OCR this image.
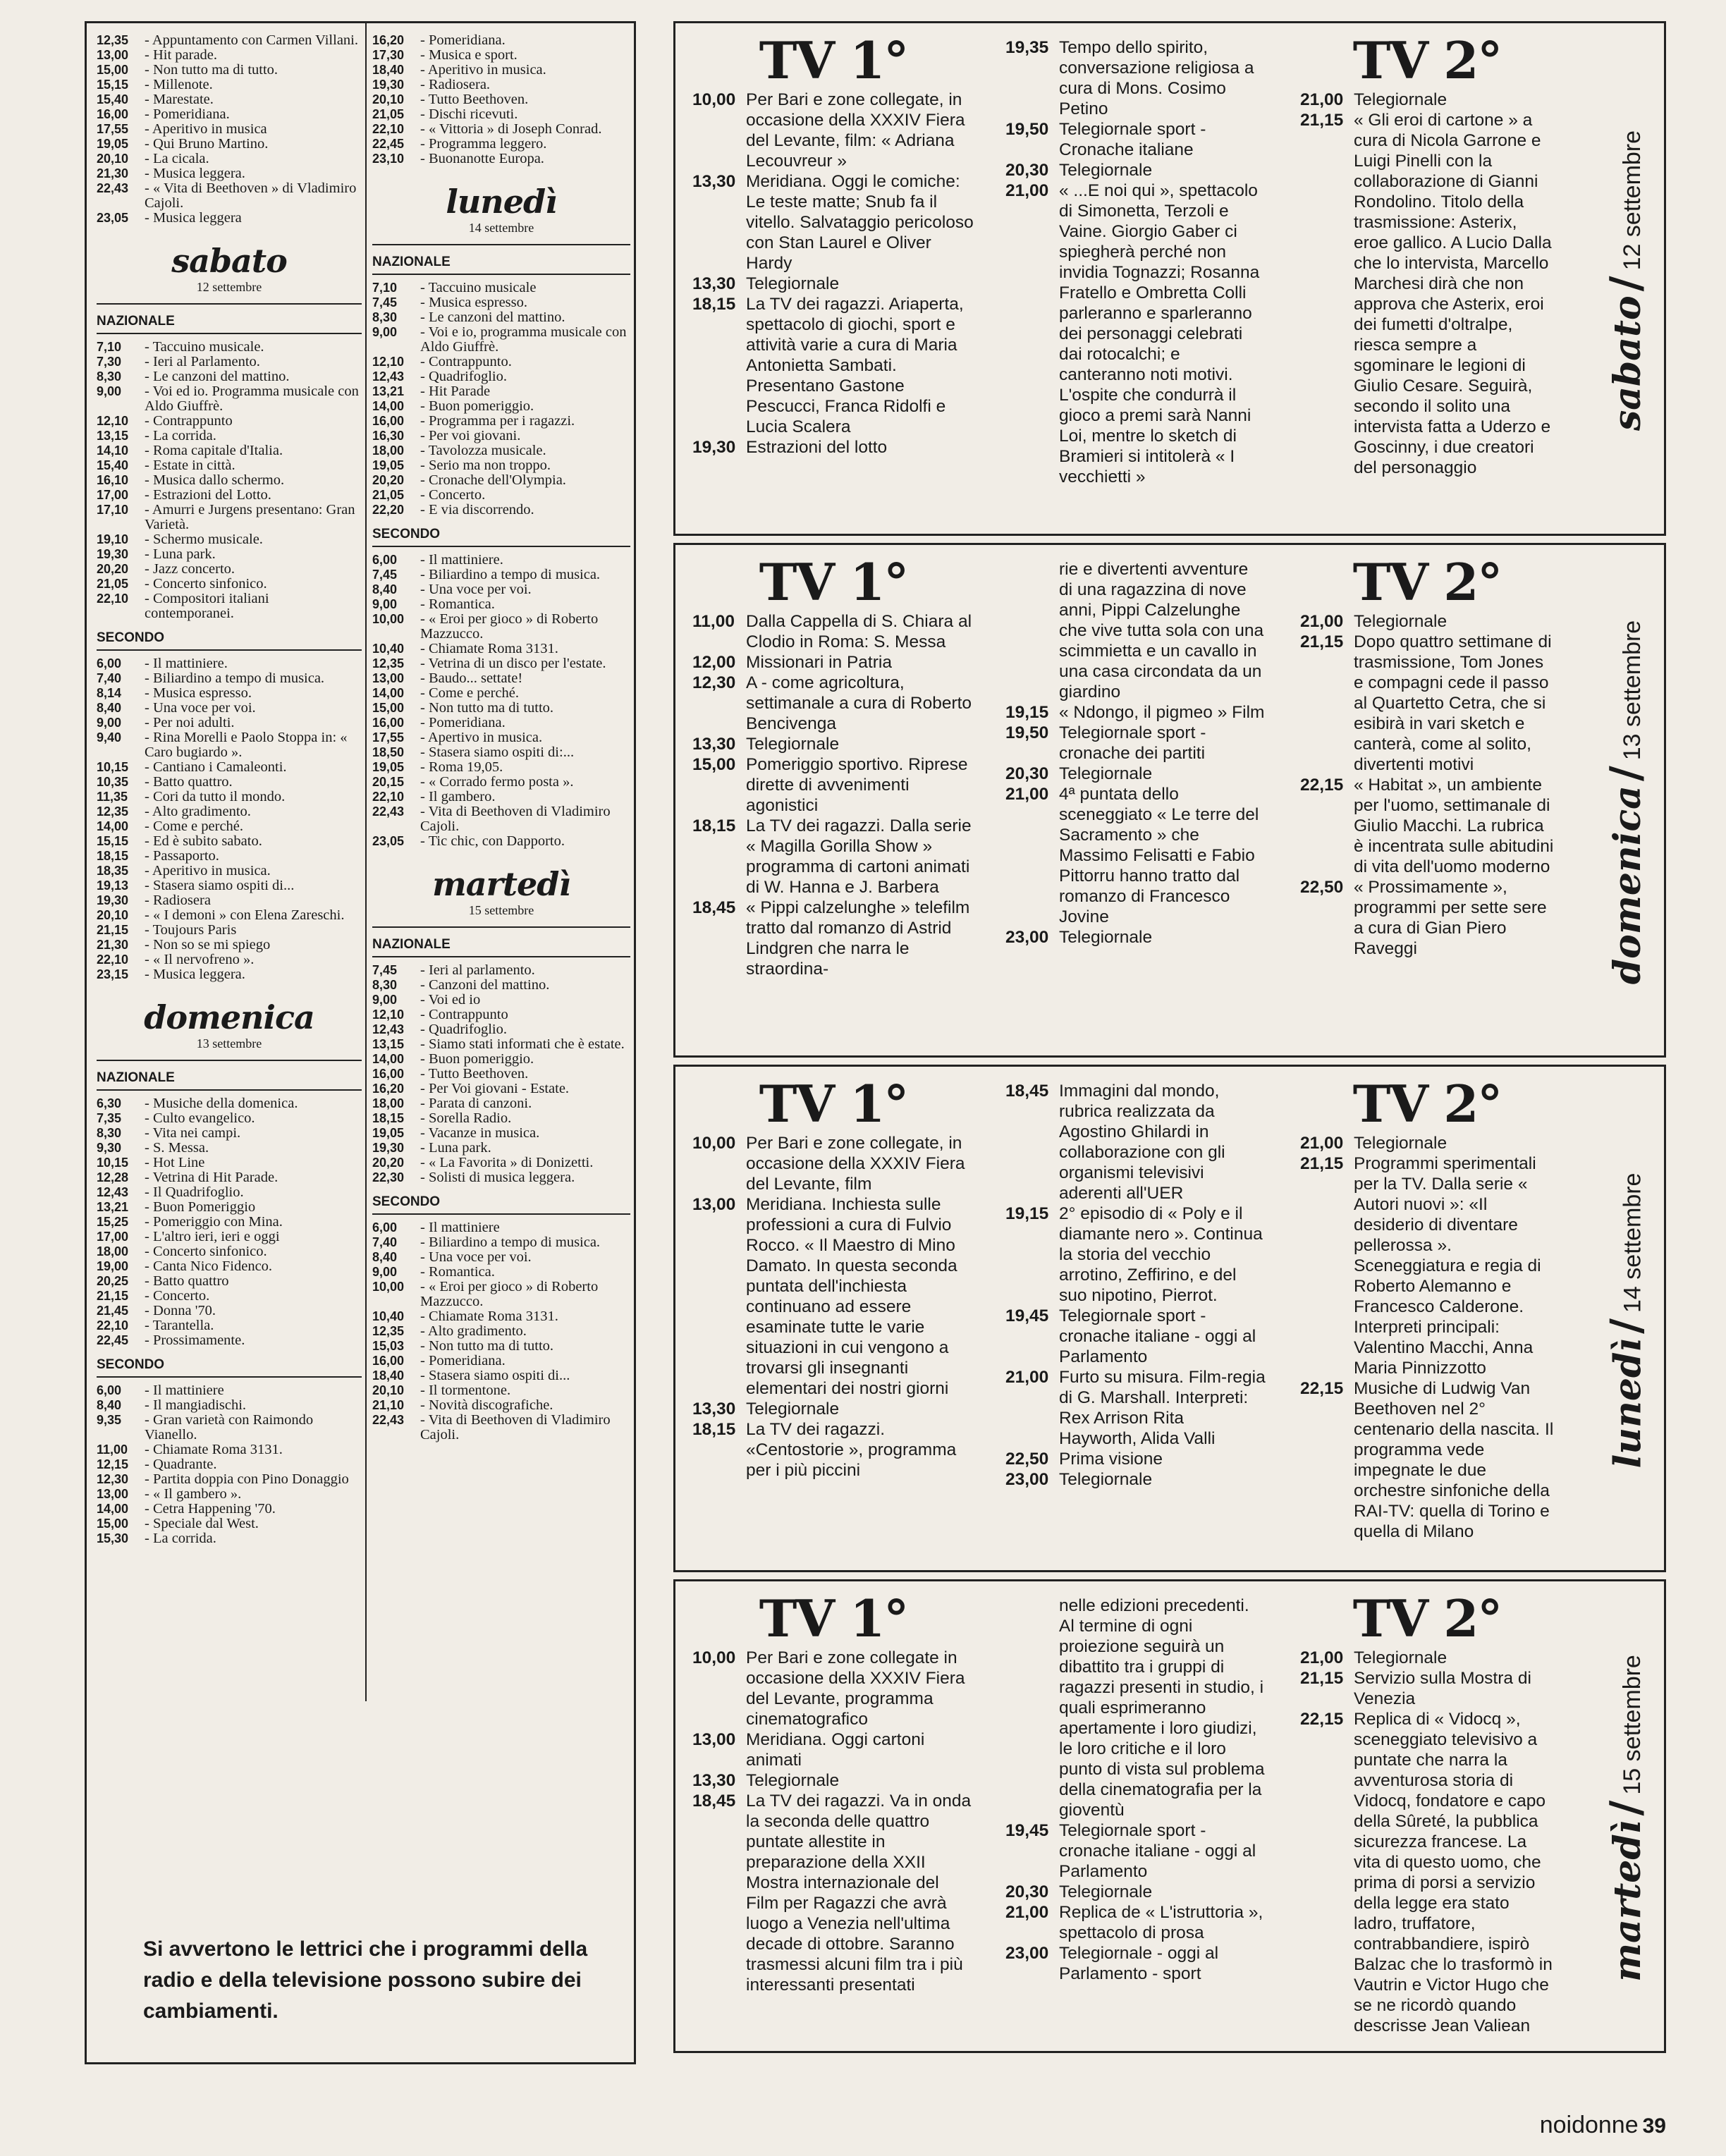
12,35	- Appuntamento con Carmen Villani.
13,00	- Hit parade.
15,00	- Non tutto ma di tutto.
15,15	- Millenote.
15,40	- Marestate.
16,00	- Pomeridiana.
17,55	- Aperitivo in musica
19,05	- Qui Bruno Martino.
20,10	- La cicala.
21,30	- Musica leggera.
22,43	- « Vita di Beethoven » di Vladimiro Cajoli.
23,05	- Musica leggera
sabato
12 settembre
NAZIONALE
7,10	- Taccuino musicale.
7,30	- Ieri al Parlamento.
8,30	- Le canzoni del mattino.
9,00	- Voi ed io. Programma musicale con Aldo Giuffrè.
12,10	- Contrappunto
13,15	- La corrida.
14,10	- Roma capitale d'Italia.
15,40	- Estate in città.
16,10	- Musica dallo schermo.
17,00	- Estrazioni del Lotto.
17,10	- Amurri e Jurgens presentano: Gran Varietà.
19,10	- Schermo musicale.
19,30	- Luna park.
20,20	- Jazz concerto.
21,05	- Concerto sinfonico.
22,10	- Compositori italiani contemporanei.
SECONDO
6,00	- Il mattiniere.
7,40	- Biliardino a tempo di musica.
8,14	- Musica espresso.
8,40	- Una voce per voi.
9,00	- Per noi adulti.
9,40	- Rina Morelli e Paolo Stoppa in: « Caro bugiardo ».
10,15	- Cantiano i Camaleonti.
10,35	- Batto quattro.
11,35	- Cori da tutto il mondo.
12,35	- Alto gradimento.
14,00	- Come e perché.
15,15	- Ed è subito sabato.
18,15	- Passaporto.
18,35	- Aperitivo in musica.
19,13	- Stasera siamo ospiti di...
19,30	- Radiosera
20,10	- « I demoni » con Elena Zareschi.
21,15	- Toujours Paris
21,30	- Non so se mi spiego
22,10	- « Il nervofreno ».
23,15	- Musica leggera.
domenica
13 settembre
NAZIONALE
6,30	- Musiche della domenica.
7,35	- Culto evangelico.
8,30	- Vita nei campi.
9,30	- S. Messa.
10,15	- Hot Line
12,28	- Vetrina di Hit Parade.
12,43	- Il Quadrifoglio.
13,21	- Buon Pomeriggio
15,25	- Pomeriggio con Mina.
17,00	- L'altro ieri, ieri e oggi
18,00	- Concerto sinfonico.
19,00	- Canta Nico Fidenco.
20,25	- Batto quattro
21,15	- Concerto.
21,45	- Donna '70.
22,10	- Tarantella.
22,45	- Prossimamente.
SECONDO
6,00	- Il mattiniere
8,40	- Il mangiadischi.
9,35	- Gran varietà con Raimondo Vianello.
11,00	- Chiamate Roma 3131.
12,15	- Quadrante.
12,30	- Partita doppia con Pino Donaggio
13,00	- « Il gambero ».
14,00	- Cetra Happening '70.
15,00	- Speciale dal West.
15,30	- La corrida.
16,20	- Pomeridiana.
17,30	- Musica e sport.
18,40	- Aperitivo in musica.
19,30	- Radiosera.
20,10	- Tutto Beethoven.
21,05	- Dischi ricevuti.
22,10	- « Vittoria » di Joseph Conrad.
22,45	- Programma leggero.
23,10	- Buonanotte Europa.
lunedì
14 settembre
NAZIONALE
7,10	- Taccuino musicale
7,45	- Musica espresso.
8,30	- Le canzoni del mattino.
9,00	- Voi e io, programma musicale con Aldo Giuffrè.
12,10	- Contrappunto.
12,43	- Quadrifoglio.
13,21	- Hit Parade
14,00	- Buon pomeriggio.
16,00	- Programma per i ragazzi.
16,30	- Per voi giovani.
18,00	- Tavolozza musicale.
19,05	- Serio ma non troppo.
20,20	- Cronache dell'Olympia.
21,05	- Concerto.
22,20	- E via discorrendo.
SECONDO
6,00	- Il mattiniere.
7,45	- Biliardino a tempo di musica.
8,40	- Una voce per voi.
9,00	- Romantica.
10,00	- « Eroi per gioco » di Roberto Mazzucco.
10,40	- Chiamate Roma 3131.
12,35	- Vetrina di un disco per l'estate.
13,00	- Baudo... settate!
14,00	- Come e perché.
15,00	- Non tutto ma di tutto.
16,00	- Pomeridiana.
17,55	- Apertivo in musica.
18,50	- Stasera siamo ospiti di:...
19,05	- Roma 19,05.
20,15	- « Corrado fermo posta ».
22,10	- Il gambero.
22,43	- Vita di Beethoven di Vladimiro Cajoli.
23,05	- Tic chic, con Dapporto.
martedì
15 settembre
NAZIONALE
7,45	- Ieri al parlamento.
8,30	- Canzoni del mattino.
9,00	- Voi ed io
12,10	- Contrappunto
12,43	- Quadrifoglio.
13,15	- Siamo stati informati che è estate.
14,00	- Buon pomeriggio.
16,00	- Tutto Beethoven.
16,20	- Per Voi giovani - Estate.
18,00	- Parata di canzoni.
18,15	- Sorella Radio.
19,05	- Vacanze in musica.
19,30	- Luna park.
20,20	- « La Favorita » di Donizetti.
22,30	- Solisti di musica leggera.
SECONDO
6,00	- Il mattiniere
7,40	- Biliardino a tempo di musica.
8,40	- Una voce per voi.
9,00	- Romantica.
10,00	- « Eroi per gioco » di Roberto Mazzucco.
10,40	- Chiamate Roma 3131.
12,35	- Alto gradimento.
15,03	- Non tutto ma di tutto.
16,00	- Pomeridiana.
18,40	- Stasera siamo ospiti di...
20,10	- Il tormentone.
21,10	- Novità discografiche.
22,43	- Vita di Beethoven di Vladimiro Cajoli.
Si avvertono le lettrici che i programmi della radio e della televisione possono subire dei cambiamenti.
TV 1°
10,00 Per Bari e zone collegate, in occasione della XXXIV Fiera del Levante, film: « Adriana Lecouvreur »
13,30 Meridiana. Oggi le comiche: Le teste matte; Snub fa il vitello. Salvataggio pericoloso con Stan Laurel e Oliver Hardy
13,30 Telegiornale
18,15 La TV dei ragazzi. Ariaperta, spettacolo di giochi, sport e attività varie a cura di Maria Antonietta Sambati. Presentano Gastone Pescucci, Franca Ridolfi e Lucia Scalera
19,30 Estrazioni del lotto
19,35 Tempo dello spirito, conversazione religiosa a cura di Mons. Cosimo Petino
19,50 Telegiornale sport - Cronache italiane
20,30 Telegiornale
21,00 « ...E noi qui », spettacolo di Simonetta, Terzoli e Vaine. Giorgio Gaber ci spiegherà perché non invidia Tognazzi; Rosanna Fratello e Ombretta Colli parleranno e sparleranno dei personaggi celebrati dai rotocalchi; e canteranno noti motivi. L'ospite che condurrà il gioco a premi sarà Nanni Loi, mentre lo sketch di Bramieri si intitolerà « I vecchietti »
TV 2°
21,00 Telegiornale
21,15 « Gli eroi di cartone » a cura di Nicola Garrone e Luigi Pinelli con la collaborazione di Gianni Rondolino. Titolo della trasmissione: Asterix, eroe gallico. A Lucio Dalla che lo intervista, Marcello Marchesi dirà che non approva che Asterix, eroi dei fumetti d'oltralpe, riesca sempre a sgominare le legioni di Giulio Cesare. Seguirà, secondo il solito una intervista fatta a Uderzo e Goscinny, i due creatori del personaggio
sabato/12 settembre
TV 1°
11,00 Dalla Cappella di S. Chiara al Clodio in Roma: S. Messa
12,00 Missionari in Patria
12,30 A - come agricoltura, settimanale a cura di Roberto Bencivenga
13,30 Telegiornale
15,00 Pomeriggio sportivo. Riprese dirette di avvenimenti agonistici
18,15 La TV dei ragazzi. Dalla serie « Magilla Gorilla Show » programma di cartoni animati di W. Hanna e J. Barbera
18,45 « Pippi calzelunghe » telefilm tratto dal romanzo di Astrid Lindgren che narra le straordina-
rie e divertenti avventure di una ragazzina di nove anni, Pippi Calzelunghe che vive tutta sola con una scimmietta e un cavallo in una casa circondata da un giardino
19,15 « Ndongo, il pigmeo » Film
19,50 Telegiornale sport - cronache dei partiti
20,30 Telegiornale
21,00 4ª puntata dello sceneggiato « Le terre del Sacramento » che Massimo Felisatti e Fabio Pittorru hanno tratto dal romanzo di Francesco Jovine
23,00 Telegiornale
TV 2°
21,00 Telegiornale
21,15 Dopo quattro settimane di trasmissione, Tom Jones e compagni cede il passo al Quartetto Cetra, che si esibirà in vari sketch e canterà, come al solito, divertenti motivi
22,15 « Habitat », un ambiente per l'uomo, settimanale di Giulio Macchi. La rubrica è incentrata sulle abitudini di vita dell'uomo moderno
22,50 « Prossimamente », programmi per sette sere a cura di Gian Piero Raveggi	domenica/13 settembre
TV 1°
10,00 Per Bari e zone collegate, in occasione della XXXIV Fiera del Levante, film
13,00 Meridiana. Inchiesta sulle professioni a cura di Fulvio Rocco. « Il Maestro di Mino Damato. In questa seconda puntata dell'inchiesta continuano ad essere esaminate tutte le varie situazioni in cui vengono a trovarsi gli insegnanti elementari dei nostri giorni
13,30 Telegiornale
18,15 La TV dei ragazzi. «Centostorie », programma per i più piccini
18,45 Immagini dal mondo, rubrica realizzata da Agostino Ghilardi in collaborazione con gli organismi televisivi aderenti all'UER
19,15 2° episodio di « Poly e il diamante nero ». Continua la storia del vecchio arrotino, Zeffirino, e del suo nipotino, Pierrot.
19,45 Telegiornale sport - cronache italiane - oggi al Parlamento
21,00 Furto su misura. Film-regia di G. Marshall. Interpreti: Rex Arrison Rita Hayworth, Alida Valli
22,50 Prima visione
23,00 Telegiornale
TV 2°
21,00 Telegiornale
21,15 Programmi sperimentali per la TV. Dalla serie « Autori nuovi »: «Il desiderio di diventare pellerossa ». Sceneggiatura e regia di Roberto Alemanno e Francesco Calderone. Interpreti principali: Valentino Macchi, Anna Maria Pinnizzotto
22,15 Musiche di Ludwig Van Beethoven nel 2° centenario della nascita. Il programma vede impegnate le due orchestre sinfoniche della RAI-TV: quella di Torino e quella di Milano
lunedì/14 settembre
TV 1°
10,00 Per Bari e zone collegate in occasione della XXXIV Fiera del Levante, programma cinematografico
13,00 Meridiana. Oggi cartoni animati
13,30 Telegiornale
18,45 La TV dei ragazzi. Va in onda la seconda delle quattro puntate allestite in preparazione della XXII Mostra internazionale del Film per Ragazzi che avrà luogo a Venezia nell'ultima decade di ottobre. Saranno trasmessi alcuni film tra i più interessanti presentati
nelle edizioni precedenti. Al termine di ogni proiezione seguirà un dibattito tra i gruppi di ragazzi presenti in studio, i quali esprimeranno apertamente i loro giudizi, le loro critiche e il loro punto di vista sul problema della cinematografia per la gioventù
19,45 Telegiornale sport - cronache italiane - oggi al Parlamento
20,30 Telegiornale
21,00 Replica de « L'istruttoria », spettacolo di prosa
23,00 Telegiornale - oggi al Parlamento - sport
TV 2°
21,00 Telegiornale
21,15 Servizio sulla Mostra di Venezia
22,15 Replica di « Vidocq », sceneggiato televisivo a puntate che narra la avventurosa storia di Vidocq, fondatore e capo della Sûreté, la pubblica sicurezza francese. La vita di questo uomo, che prima di porsi a servizio della legge era stato ladro, truffatore, contrabbandiere, ispirò Balzac che lo trasformò in Vautrin e Victor Hugo che se ne ricordò quando descrisse Jean Valiean
martedì/15 settembre
noidonne 39
